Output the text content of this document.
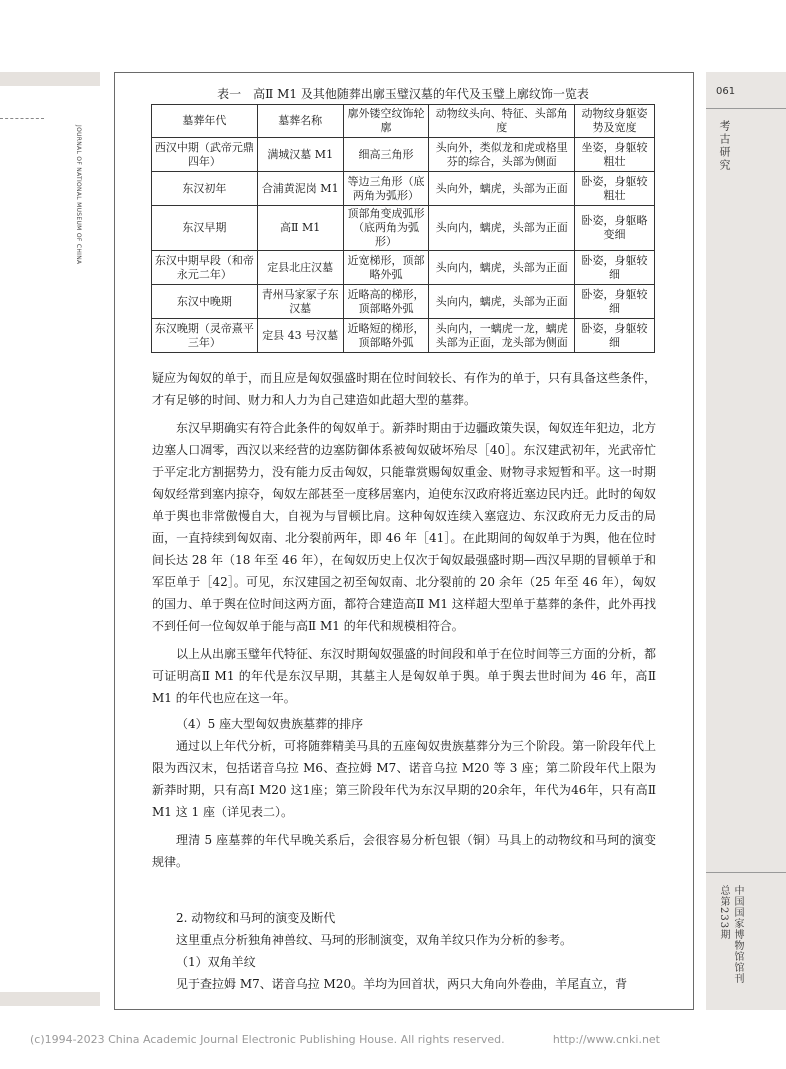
JOURNAL OF NATIONAL MUSEUM OF CHINA
061
考古研究
中国国家博物馆馆刊
总第233期
表一　高Ⅱ M1 及其他随葬出廓玉璧汉墓的年代及玉璧上廓纹饰一览表
墓葬年代	墓葬名称	廓外镂空纹饰轮廓	动物纹头向、特征、头部角度	动物纹身躯姿势及宽度
西汉中期（武帝元鼎四年）	满城汉墓 M1	细高三角形	头向外，类似龙和虎或格里芬的综合，头部为侧面	坐姿，身躯较粗壮
东汉初年	合浦黄泥岗 M1	等边三角形（底两角为弧形）	头向外，螭虎，头部为正面	卧姿，身躯较粗壮
东汉早期	高Ⅱ M1	顶部角变成弧形（底两角为弧形）	头向内，螭虎，头部为正面	卧姿，身躯略变细
东汉中期早段（和帝永元二年）	定县北庄汉墓	近宽梯形，顶部略外弧	头向内，螭虎，头部为正面	卧姿，身躯较细
东汉中晚期	青州马家冢子东汉墓	近略高的梯形，顶部略外弧	头向内，螭虎，头部为正面	卧姿，身躯较细
东汉晚期（灵帝熹平三年）	定县 43 号汉墓	近略短的梯形，顶部略外弧	头向内，一螭虎一龙，螭虎头部为正面，龙头部为侧面	卧姿，身躯较细

疑应为匈奴的单于，而且应是匈奴强盛时期在位时间较长、有作为的单于，只有具备这些条件，才有足够的时间、财力和人力为自己建造如此超大型的墓葬。

东汉早期确实有符合此条件的匈奴单于。新莽时期由于边疆政策失误，匈奴连年犯边，北方边塞人口凋零，西汉以来经营的边塞防御体系被匈奴破坏殆尽［40］。东汉建武初年，光武帝忙于平定北方割据势力，没有能力反击匈奴，只能靠赏赐匈奴重金、财物寻求短暂和平。这一时期匈奴经常到塞内掠夺，匈奴左部甚至一度移居塞内，迫使东汉政府将近塞边民内迁。此时的匈奴单于舆也非常傲慢自大，自视为与冒顿比肩。这种匈奴连续入塞寇边、东汉政府无力反击的局面，一直持续到匈奴南、北分裂前两年，即 46 年［41］。在此期间的匈奴单于为舆，他在位时间长达 28 年（18 年至 46 年），在匈奴历史上仅次于匈奴最强盛时期—西汉早期的冒顿单于和军臣单于［42］。可见，东汉建国之初至匈奴南、北分裂前的 20 余年（25 年至 46 年），匈奴的国力、单于舆在位时间这两方面，都符合建造高Ⅱ M1 这样超大型单于墓葬的条件，此外再找不到任何一位匈奴单于能与高Ⅱ M1 的年代和规模相符合。

以上从出廓玉璧年代特征、东汉时期匈奴强盛的时间段和单于在位时间等三方面的分析，都可证明高Ⅱ M1 的年代是东汉早期，其墓主人是匈奴单于舆。单于舆去世时间为 46 年，高Ⅱ M1 的年代也应在这一年。

（4）5 座大型匈奴贵族墓葬的排序

通过以上年代分析，可将随葬精美马具的五座匈奴贵族墓葬分为三个阶段。第一阶段年代上限为西汉末，包括诺音乌拉 M6、查拉姆 M7、诺音乌拉 M20 等 3 座；第二阶段年代上限为新莽时期，只有高Ⅰ M20 这1座；第三阶段年代为东汉早期的20余年，年代为46年，只有高Ⅱ M1 这 1 座（详见表二）。

理清 5 座墓葬的年代早晚关系后，会很容易分析包银（铜）马具上的动物纹和马珂的演变规律。

2. 动物纹和马珂的演变及断代

这里重点分析独角神兽纹、马珂的形制演变，双角羊纹只作为分析的参考。

（1）双角羊纹

见于查拉姆 M7、诺音乌拉 M20。羊均为回首状，两只大角向外卷曲，羊尾直立，背

(c)1994-2023 China Academic Journal Electronic Publishing House. All rights reserved.	http://www.cnki.net
